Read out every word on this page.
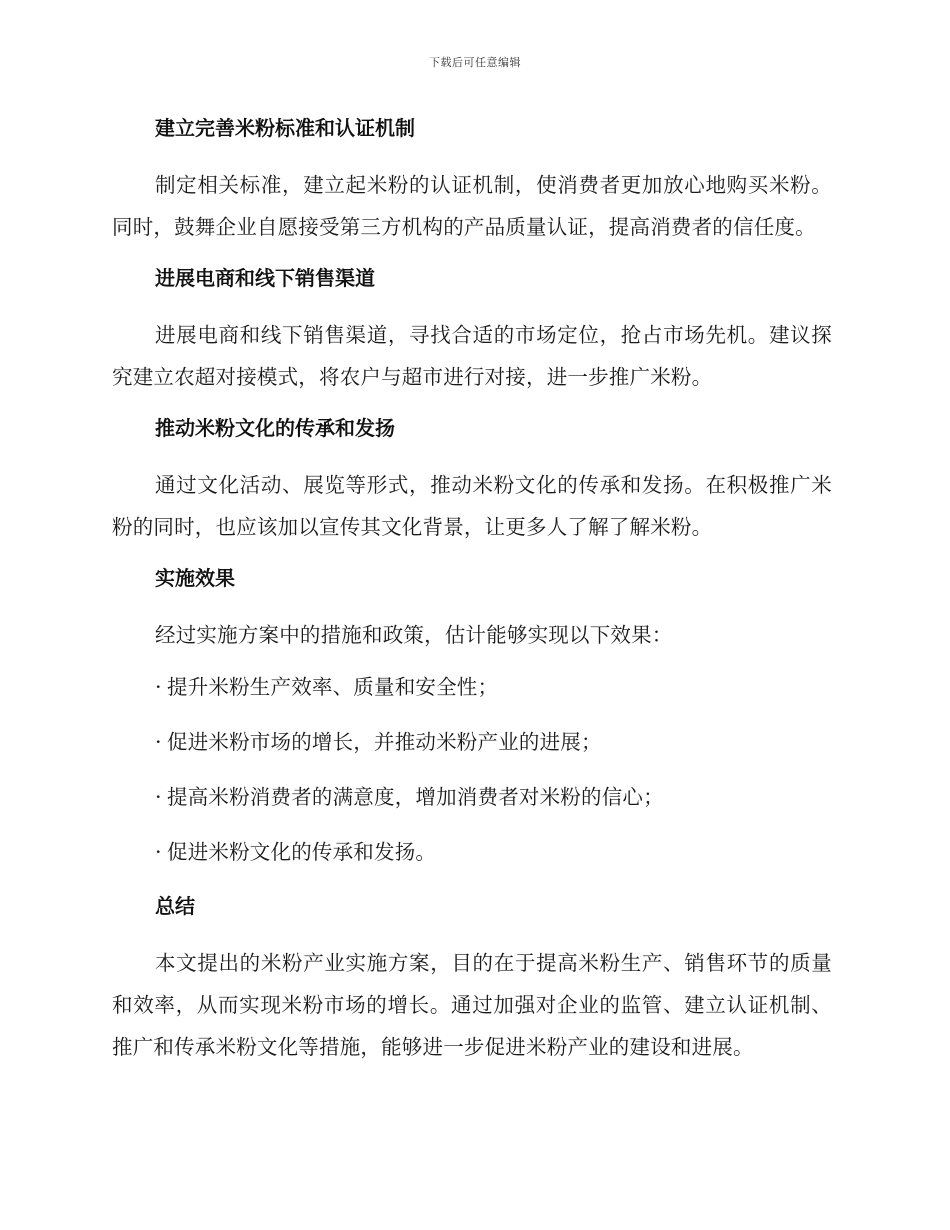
下载后可任意编辑
建立完善米粉标准和认证机制

制定相关标准，建立起米粉的认证机制，使消费者更加放心地购买米粉。同时，鼓舞企业自愿接受第三方机构的产品质量认证，提高消费者的信任度。

进展电商和线下销售渠道

进展电商和线下销售渠道，寻找合适的市场定位，抢占市场先机。建议探究建立农超对接模式，将农户与超市进行对接，进一步推广米粉。

推动米粉文化的传承和发扬

通过文化活动、展览等形式，推动米粉文化的传承和发扬。在积极推广米粉的同时，也应该加以宣传其文化背景，让更多人了解了解米粉。

实施效果

经过实施方案中的措施和政策，估计能够实现以下效果：

· 提升米粉生产效率、质量和安全性；
· 促进米粉市场的增长，并推动米粉产业的进展；
· 提高米粉消费者的满意度，增加消费者对米粉的信心；
· 促进米粉文化的传承和发扬。
总结

本文提出的米粉产业实施方案，目的在于提高米粉生产、销售环节的质量和效率，从而实现米粉市场的增长。通过加强对企业的监管、建立认证机制、推广和传承米粉文化等措施，能够进一步促进米粉产业的建设和进展。
